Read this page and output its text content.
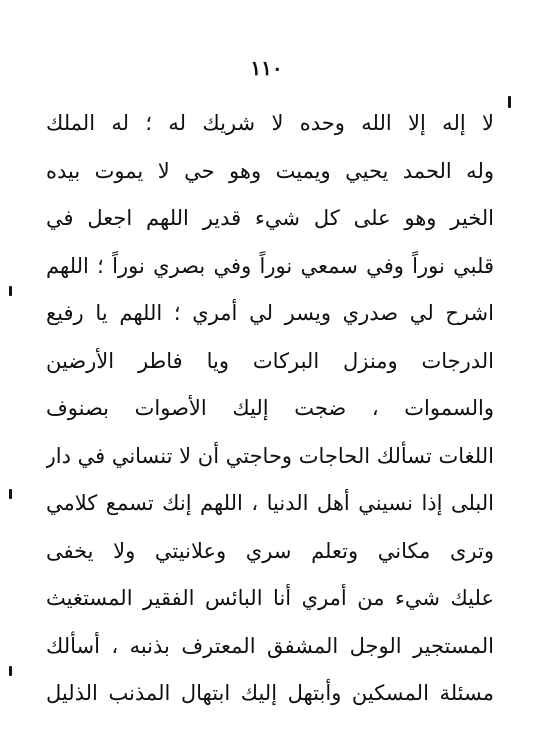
١١٠
لا إله إلا الله وحده لا شريك له ؛ له الملك
وله الحمد يحيي ويميت وهو حي لا يموت بيده
الخير وهو على كل شيء قدير اللهم اجعل في
قلبي نوراً وفي سمعي نوراً وفي بصري نوراً ؛ اللهم
اشرح لي صدري ويسر لي أمري ؛ اللهم يا رفيع
الدرجات ومنزل البركات ويا فاطر الأرضين
والسموات ، ضجت إليك الأصوات بصنوف
اللغات تسألك الحاجات وحاجتي أن لا تنساني في دار
البلى إذا نسيني أهل الدنيا ، اللهم إنك تسمع كلامي
وترى مكاني وتعلم سري وعلانيتي ولا يخفى
عليك شيء من أمري أنا البائس الفقير المستغيث
المستجير الوجل المشفق المعترف بذنبه ، أسألك
مسئلة المسكين وأبتهل إليك ابتهال المذنب الذليل
